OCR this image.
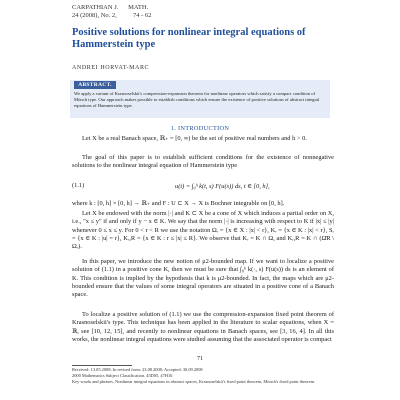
CARPATHIAN J.      MATH.
24 (2008), No. 2,          74 - 62
Positive solutions for nonlinear integral equations of Hammerstein type
ANDREI HORVAT-MARC
ABSTRACT.
We apply a variant of Krasnoselskii's compression-expansion theorem for nonlinear operators which satisfy a compact condition of Mönch type. Our approach makes possible to establish conditions which ensure the existence of positive solutions of abstract integral equations of Hammerstein type.
1. INTRODUCTION
Let X be a real Banach space, ℝ₊ = [0, ∞) be the set of positive real numbers and h > 0.
The goal of this paper is to establish sufficient conditions for the existence of nonnegative solutions to the nonlinear integral equation of Hammerstein type
(1.1)	u(t) = ∫₀ʰ k(t, s) F(u(s)) ds, t ∈ [0, h],
where k : [0, h] × [0, h] → ℝ₊ and F : U ⊂ X → X is Bochner integrable on [0, h].
Let X be endowed with the norm |·| and K ⊂ X be a cone of X which induces a partial order on X, i.e., "x ≤ y" if and only if y − x ∈ K. We say that the norm |·| is increasing with respect to K if |x| ≤ |y| whenever 0 ≤ x ≤ y. For 0 < r < R we use the notation Ωᵣ = {x ∈ X : |x| < r}, Kᵣ = {x ∈ K : |x| < r}, Sᵣ = {x ∈ K : |u| = r}, Kᵣ,R = {x ∈ K : r ≤ |x| ≤ R}. We observe that Kᵣ = K ∩ Ω, and Kᵣ,R = K ∩ (Ω̄R \ Ωᵣ).
In this paper, we introduce the new notion of μ2-bounded map. If we want to localize a positive solution of (1.1) in a positive cone K, then we must be sure that ∫₀ʰ k(·, s) F(u(s)) ds is an element of K. This condition is implied by the hypothesis that k is μ2-bounded. In fact, the maps which are μ2-bounded ensure that the values of some integral operators are situated in a positive cone of a Banach space.
To localize a positive solution of (1.1) we use the compression-expansion fixed point theorem of Krasnoselskii's type. This technique has been applied in the literature to scalar equations, when X = ℝ, see [10, 12, 15], and recently to nonlinear equations in Banach spaces, see [3, 16, 4]. In all this works, the nonlinear integral equations were studied assuming that the associated operator is compact
71
Received: 13.05.2008; In revised form: 23.08.2008; Accepted: 30.09.2008
2000 Mathematics Subject Classification. 45D05, 47H10.
Key words and phrases. Nonlinear integral equations in abstract spaces, Krasnoselskii's fixed point theorem, Mönch's fixed point theorem.
